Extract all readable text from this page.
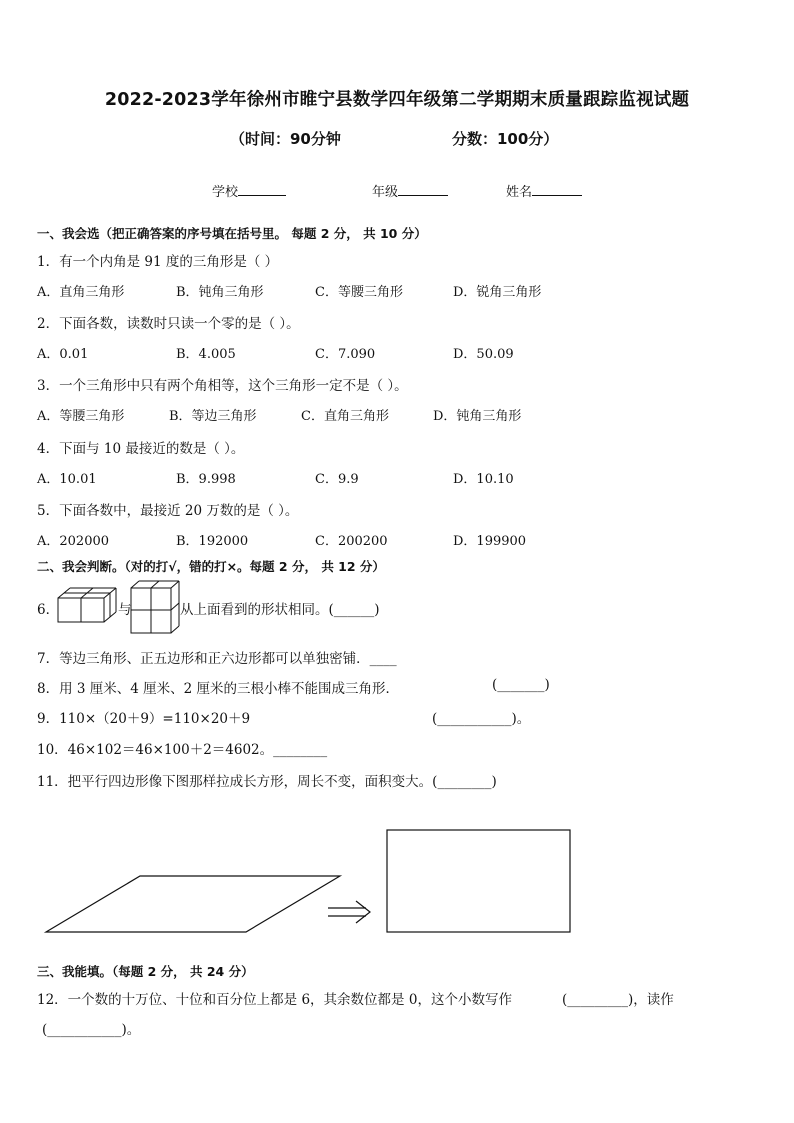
2022-2023学年徐州市睢宁县数学四年级第二学期期末质量跟踪监视试题
（时间：90分钟	分数：100分）
学校	年级	姓名
一、我会选（把正确答案的序号填在括号里。 每题 2 分， 共 10 分）
1．有一个内角是 91 度的三角形是（ ）
A．直角三角形	B．钝角三角形	C．等腰三角形	D．锐角三角形
2．下面各数，读数时只读一个零的是（ ）。
A．0.01	B．4.005	C．7.090	D．50.09
3．一个三角形中只有两个角相等，这个三角形一定不是（ ）。
A．等腰三角形	B．等边三角形	C．直角三角形	D．钝角三角形
4．下面与 10 最接近的数是（ ）。
A．10.01	B．9.998	C．9.9	D．10.10
5．下面各数中，最接近 20 万数的是（ ）。
A．202000	B．192000	C．200200	D．199900
二、我会判断。（对的打√，错的打×。每题 2 分， 共 12 分）
6．	与	从上面看到的形状相同。(______)
7．等边三角形、正五边形和正六边形都可以单独密铺．____
8．用 3 厘米、4 厘米、2 厘米的三根小棒不能围成三角形．	(_______)
9．110×（20＋9）=110×20＋9	(___________)。
10．46×102＝46×100＋2＝4602。________
11．把平行四边形像下图那样拉成长方形，周长不变，面积变大。(________)
三、我能填。（每题 2 分， 共 24 分）
12．一个数的十万位、十位和百分位上都是 6，其余数位都是 0，这个小数写作	(_________)，读作
(___________)。
